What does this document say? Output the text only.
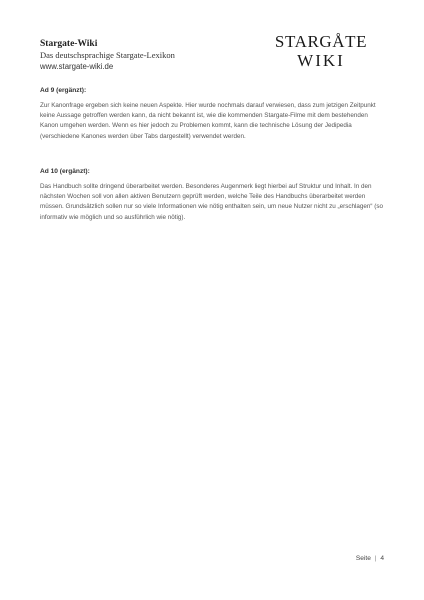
Stargate-Wiki
Das deutschsprachige Stargate-Lexikon
www.stargate-wiki.de
STARGÅTE
WIKI
Ad 9 (ergänzt):

Zur Kanonfrage ergeben sich keine neuen Aspekte. Hier wurde nochmals darauf verwiesen, dass zum jetzigen Zeitpunkt keine Aussage getroffen werden kann, da nicht bekannt ist, wie die kommenden Stargate-Filme mit dem bestehenden Kanon umgehen werden. Wenn es hier jedoch zu Problemen kommt, kann die technische Lösung der Jedipedia (verschiedene Kanones werden über Tabs dargestellt) verwendet werden.

Ad 10 (ergänzt):

Das Handbuch sollte dringend überarbeitet werden. Besonderes Augenmerk liegt hierbei auf Struktur und Inhalt. In den nächsten Wochen soll von allen aktiven Benutzern geprüft werden, welche Teile des Handbuchs überarbeitet werden müssen. Grundsätzlich sollen nur so viele Informationen wie nötig enthalten sein, um neue Nutzer nicht zu „erschlagen“ (so informativ wie möglich und so ausführlich wie nötig).

Seite | 4
